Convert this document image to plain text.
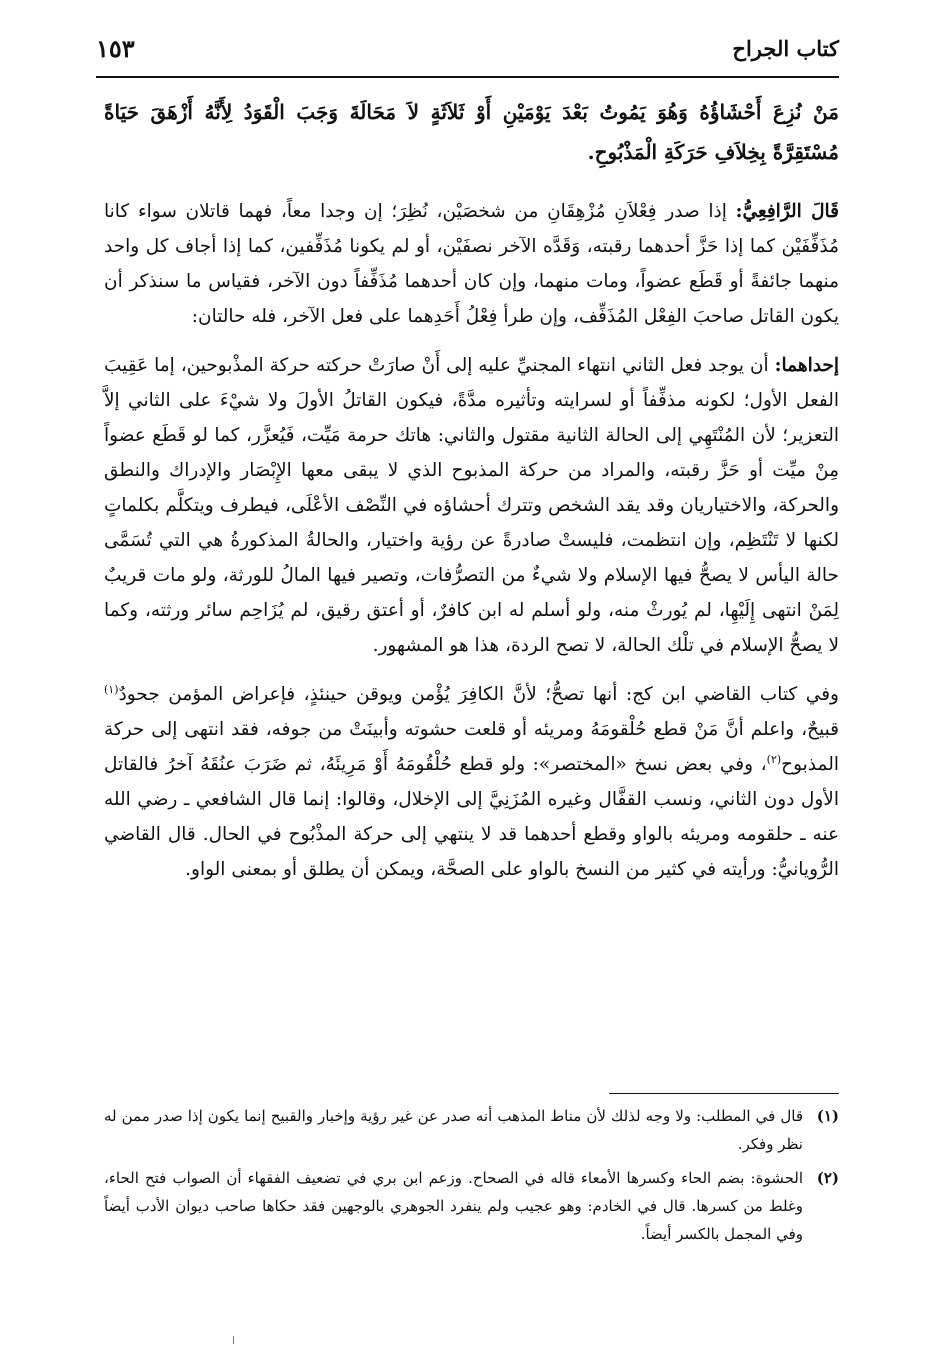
كتاب الجراح
١٥٣

مَنْ نُزِعَ أَحْشَاؤُهُ وَهُوَ يَمُوتُ بَعْدَ يَوْمَيْنِ أَوْ ثَلاَثَةٍ لاَ مَحَالَةَ وَجَبَ الْقَوَدُ لِأَنَّهُ أَزْهَقَ حَيَاةً مُسْتَقِرَّةً بِخِلاَفِ حَرَكَةِ الْمَذْبُوحِ.

قَالَ الرَّافِعِيُّ: إذا صدر فِعْلاَنِ مُزْهِقَانِ من شخصَيْن، نُظِرَ؛ إن وجدا معاً، فهما قاتلان سواء كانا مُذَفِّفَيْن كما إذا حَزَّ أحدهما رقبته، وَقَدَّه الآخر نصفَيْن، أو لم يكونا مُذَفِّفين، كما إذا أجاف كل واحد منهما جائفةً أو قَطَع عضواً، ومات منهما، وإن كان أحدهما مُذَفِّفاً دون الآخر، فقياس ما سنذكر أن يكون القاتل صاحبَ الفِعْل المُذَفِّف، وإن طرأ فِعْلُ أَحَدِهما على فعل الآخر، فله حالتان:

إحداهما: أن يوجد فعل الثاني انتهاء المجنيِّ عليه إلى أَنْ صارَتْ حركته حركة المذْبوحين، إما عَقِيبَ الفعل الأول؛ لكونه مذفِّفاً أو لسرايته وتأثيره مدَّةً، فيكون القاتلُ الأولَ ولا شيْءَ على الثاني إلاَّ التعزير؛ لأن المُنْتَهِي إلى الحالة الثانية مقتول والثاني: هاتك حرمة مَيِّت، فَيُعزَّر، كما لو قَطَع عضواً مِنْ ميِّت أو حَزَّ رقبته، والمراد من حركة المذبوح الذي لا يبقى معها الإِبْصَار والإدراك والنطق والحركة، والاختياريان وقد يقد الشخص وتترك أحشاؤه في النِّصْف الأعْلَى، فيطرف ويتكلَّم بكلماتٍ لكنها لا تَنْتَظِم، وإن انتظمت، فليستْ صادرةً عن رؤية واختيار، والحالةُ المذكورةُ هي التي تُسَمَّى حالة اليأس لا يصحُّ فيها الإسلام ولا شيءٌ من التصرُّفات، وتصير فيها المالُ للورثة، ولو مات قريبٌ لِمَنْ انتهى إِلَيْهِا، لم يُورثْ منه، ولو أسلم له ابن كافرٌ، أو أعتق رقيق، لم يُزَاحِم سائر ورثته، وكما لا يصحُّ الإسلام في تلْك الحالة، لا تصح الردة، هذا هو المشهور.

وفي كتاب القاضي ابن كج: أنها تصحُّ؛ لأنَّ الكافِرَ يُؤْمن ويوقن حينئذٍ، فإعراض المؤمن جحودٌ$^{(١)}$ قبيحٌ، واعلم أنَّ مَنْ قطع حُلْقومَهُ ومريئه أو قلعت حشوته وأبينَتْ من جوفه، فقد انتهى إلى حركة المذبوح$^{(٢)}$، وفي بعض نسخ «المختصر»: ولو قطع حُلْقُومَهُ أَوْ مَرِيئَهُ، ثم ضَرَبَ عنُقَهُ آخرُ فالقاتل الأول دون الثاني، ونسب القفَّال وغيره المُزَنِيَّ إلى الإخلال، وقالوا: إنما قال الشافعي ـ رضي الله عنه ـ حلقومه ومريئه بالواو وقطع أحدهما قد لا ينتهي إلى حركة المذْبُوح في الحال. قال القاضي الرُّويانيُّ: ورأيته في كثير من النسخ بالواو على الصحَّة، ويمكن أن يطلق أو بمعنى الواو.

(١)
قال في المطلب: ولا وجه لذلك لأن مناط المذهب أنه صدر عن غير رؤية وإخبار والقبيح إنما يكون إذا صدر ممن له نظر وفكر.
(٢)
الحشوة: بضم الحاء وكسرها الأمعاء قاله في الصحاح. وزعم ابن بري في تضعيف الفقهاء أن الصواب فتح الحاء، وغلط من كسرها. قال في الخادم: وهو عجيب ولم ينفرد الجوهري بالوجهين فقد حكاها صاحب ديوان الأدب أيضاً وفي المجمل بالكسر أيضاً.
ا
